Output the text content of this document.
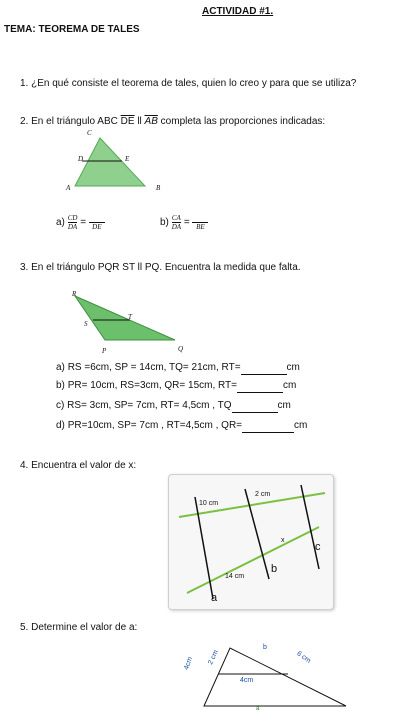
ACTIVIDAD #1.
TEMA: TEOREMA DE TALES
1. ¿En qué consiste el teorema de tales, quien lo creo y para que se utiliza?
2. En el triángulo ABC $\overline{DE}$ ll $\overline{AB}$ completa las proporciones indicadas:
C
D	E
A	B
$a) \frac{CD}{DA}$ =
DE	$b) \frac{CA}{DA}$ =
BE
3. En el triángulo PQR ST ll PQ. Encuentra la medida que falta.
R
S
T
P	Q
a) RS =6cm, SP = 14cm, TQ= 21cm, RT=	cm
b) PR= 10cm, RS=3cm, QR= 15cm, RT=	cm
c) RS= 3cm, SP= 7cm, RT= 4,5cm , TQ	cm
d) PR=10cm, SP= 7cm , RT=4,5cm , QR=	cm
4. Encuentra el valor de x:
10 cm
2 cm
x
c
14 cm
b
a
5. Determine el valor de a:
4cm 2 cm
b
6 cm
4cm
a
